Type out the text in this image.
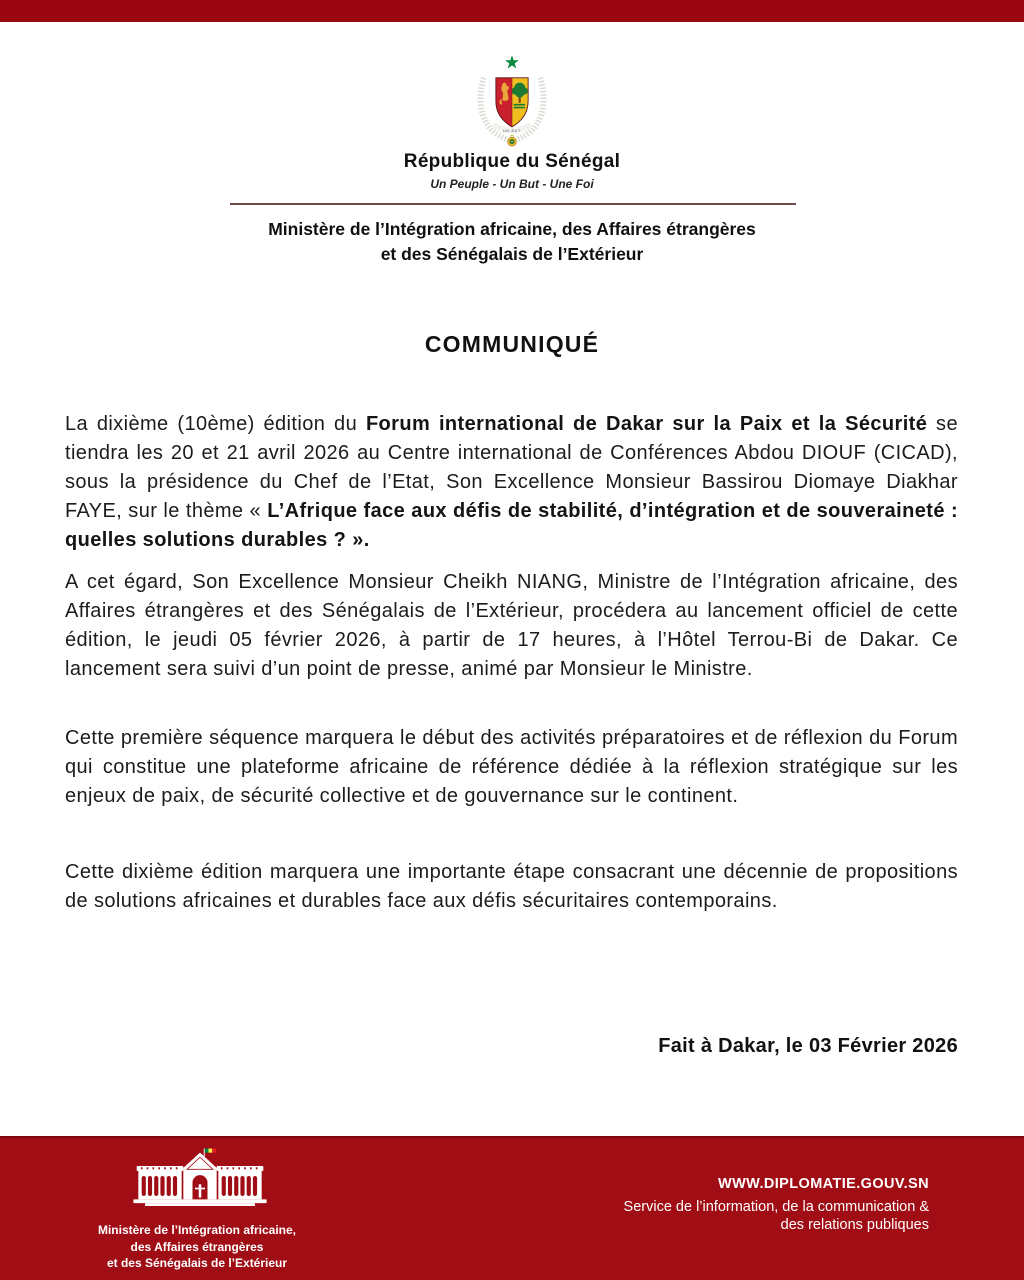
UN BUT
République du Sénégal
Un Peuple - Un But - Une Foi
Ministère de l’Intégration africaine, des Affaires étrangères
et des Sénégalais de l’Extérieur
COMMUNIQUÉ

La dixième (10ème) édition du Forum international de Dakar sur la Paix et la Sécurité se tiendra les 20 et 21 avril 2026 au Centre international de Conférences Abdou DIOUF (CICAD), sous la présidence du Chef de l’Etat, Son Excellence Monsieur Bassirou Diomaye Diakhar FAYE, sur le thème « L’Afrique face aux défis de stabilité, d’intégration et de souveraineté : quelles solutions durables ? ».

A cet égard, Son Excellence Monsieur Cheikh NIANG, Ministre de l’Intégration africaine, des Affaires étrangères et des Sénégalais de l’Extérieur, procédera au lancement officiel de cette édition, le jeudi 05 février 2026, à partir de 17 heures, à l’Hôtel Terrou-Bi de Dakar. Ce lancement sera suivi d’un point de presse, animé par Monsieur le Ministre.

Cette première séquence marquera le début des activités préparatoires et de réflexion du Forum qui constitue une plateforme africaine de référence dédiée à la réflexion stratégique sur les enjeux de paix, de sécurité collective et de gouvernance sur le continent.

Cette dixième édition marquera une importante étape consacrant une décennie de propositions de solutions africaines et durables face aux défis sécuritaires contemporains.

Fait à Dakar, le 03 Février 2026
Ministère de l’Intégration africaine,
des Affaires étrangères
et des Sénégalais de l’Extérieur
WWW.DIPLOMATIE.GOUV.SN
Service de l’information, de la communication &
des relations publiques
